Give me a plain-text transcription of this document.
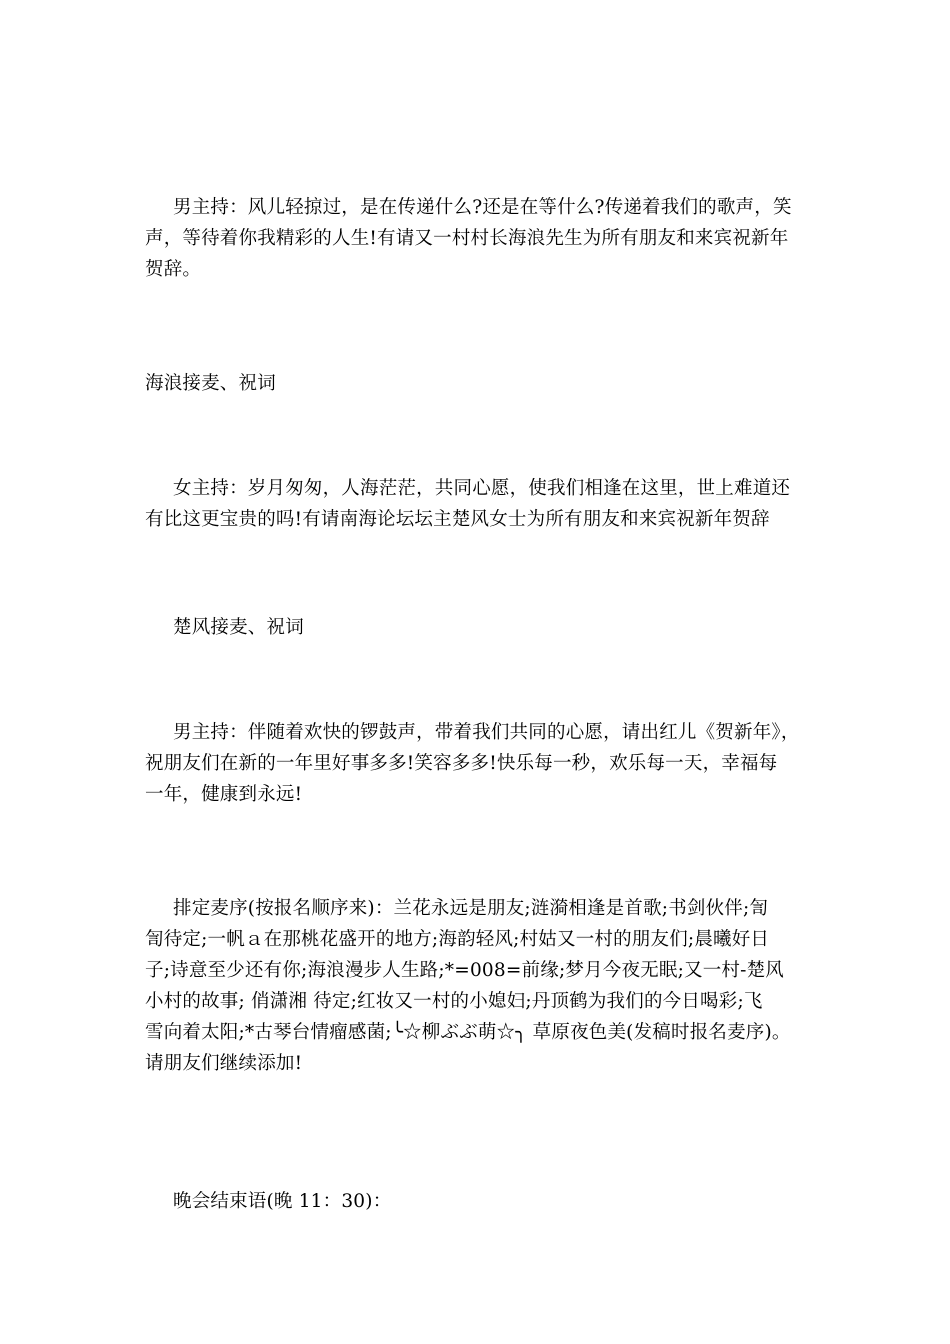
男主持：风儿轻掠过，是在传递什么?还是在等什么?传递着我们的歌声，笑
声，等待着你我精彩的人生!有请又一村村长海浪先生为所有朋友和来宾祝新年
贺辞。

海浪接麦、祝词

女主持：岁月匆匆，人海茫茫，共同心愿，使我们相逢在这里，世上难道还
有比这更宝贵的吗!有请南海论坛坛主楚风女士为所有朋友和来宾祝新年贺辞

楚风接麦、祝词

男主持：伴随着欢快的锣鼓声，带着我们共同的心愿，请出红儿《贺新年》，
祝朋友们在新的一年里好事多多!笑容多多!快乐每一秒，欢乐每一天，幸福每
一年，健康到永远!

排定麦序(按报名顺序来)：兰花永远是朋友;涟漪相逢是首歌;书剑伙伴;訇
訇待定;一帆ａ在那桃花盛开的地方;海韵轻风;村姑又一村的朋友们;晨曦好日
子;诗意至少还有你;海浪漫步人生路;*=008=前缘;梦月今夜无眠;又一村-楚风
小村的故事; 俏潇湘 待定;红妆又一村的小媳妇;丹顶鹤为我们的今日喝彩;飞
雪向着太阳;*古琴台情瘤感菌;╰☆柳ぶぶ萌☆╮ 草原夜色美(发稿时报名麦序)。
请朋友们继续添加!

晚会结束语(晚 11：30)：
